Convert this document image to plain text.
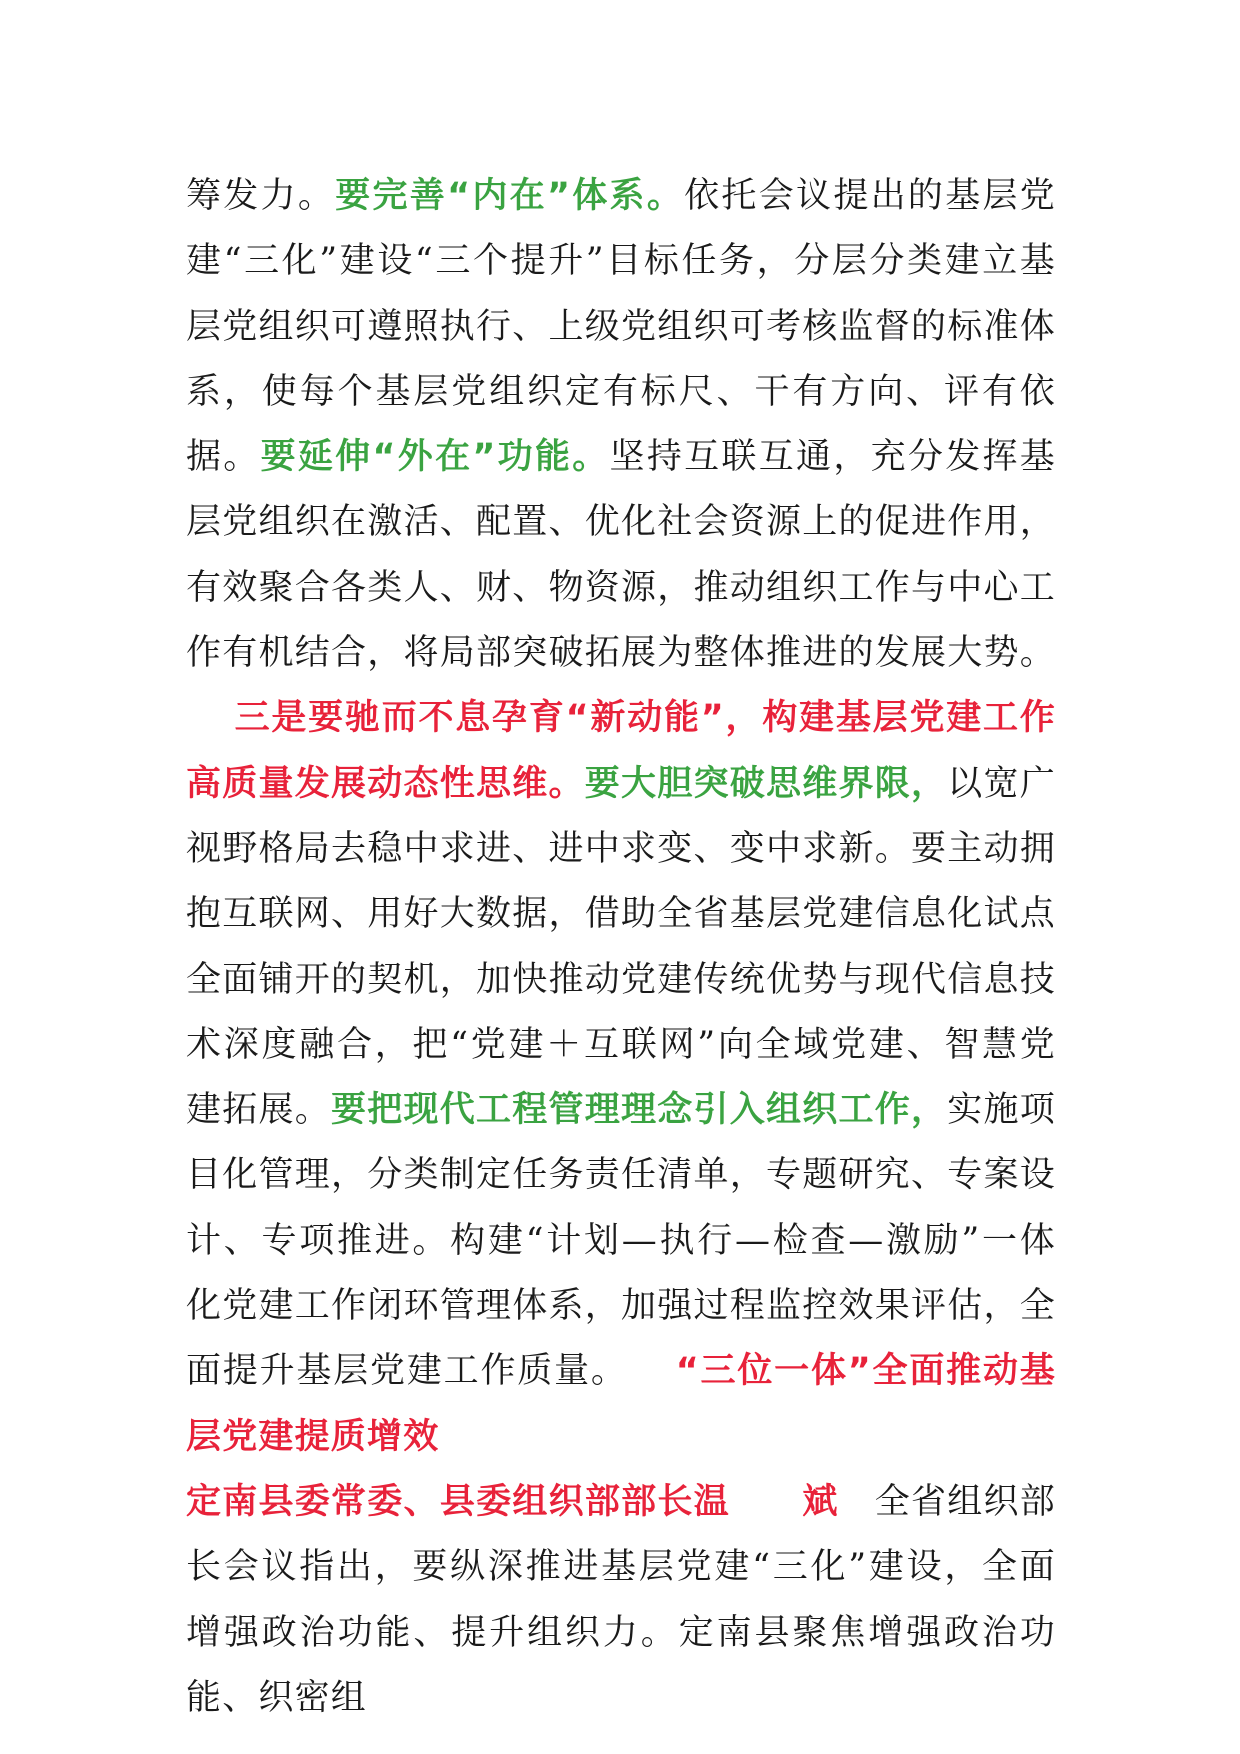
筹发力。要完善“内在”体系。依托会议提出的基层党建“三化”建设“三个提升”目标任务，分层分类建立基层党组织可遵照执行、上级党组织可考核监督的标准体系，使每个基层党组织定有标尺、干有方向、评有依据。要延伸“外在”功能。坚持互联互通，充分发挥基层党组织在激活、配置、优化社会资源上的促进作用，有效聚合各类人、财、物资源，推动组织工作与中心工作有机结合，将局部突破拓展为整体推进的发展大势。三是要驰而不息孕育“新动能”，构建基层党建工作高质量发展动态性思维。要大胆突破思维界限，以宽广视野格局去稳中求进、进中求变、变中求新。要主动拥抱互联网、用好大数据，借助全省基层党建信息化试点全面铺开的契机，加快推动党建传统优势与现代信息技术深度融合，把“党建＋互联网”向全域党建、智慧党建拓展。要把现代工程管理理念引入组织工作，实施项目化管理，分类制定任务责任清单，专题研究、专案设计、专项推进。构建“计划—执行—检查—激励”一体化党建工作闭环管理体系，加强过程监控效果评估，全面提升基层党建工作质量。 “三位一体”全面推动基层党建提质增效
定南县委常委、县委组织部部长温　　斌 全省组织部长会议指出，要纵深推进基层党建“三化”建设，全面增强政治功能、提升组织力。定南县聚焦增强政治功能、织密组
